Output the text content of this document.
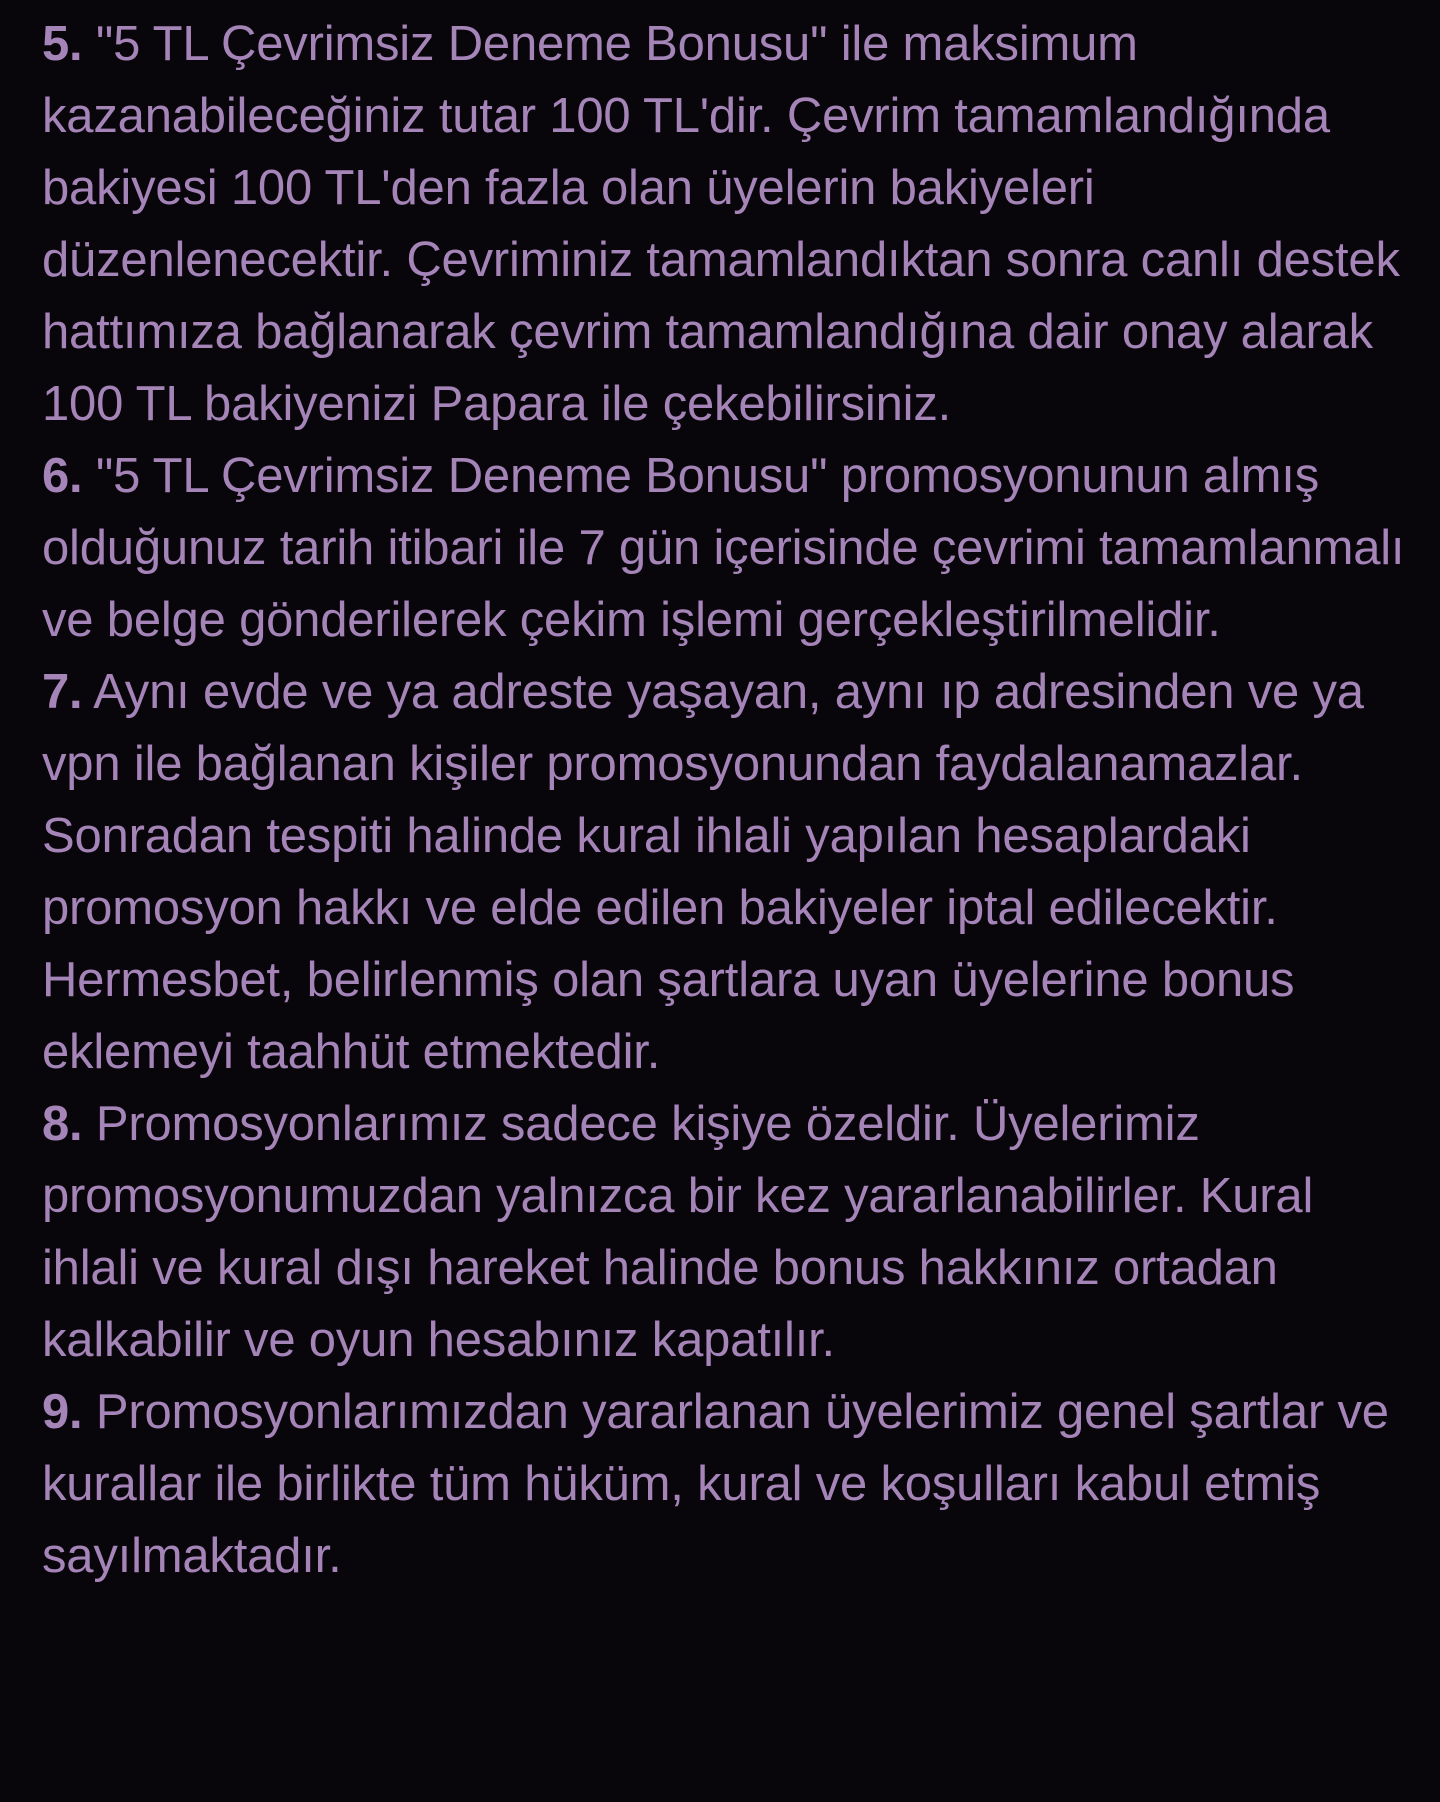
5. "5 TL Çevrimsiz Deneme Bonusu" ile maksimum kazanabileceğiniz tutar 100 TL'dir. Çevrim tamamlandığında bakiyesi 100 TL'den fazla olan üyelerin bakiyeleri düzenlenecektir. Çevriminiz tamamlandıktan sonra canlı destek hattımıza bağlanarak çevrim tamamlandığına dair onay alarak 100 TL bakiyenizi Papara ile çekebilirsiniz.
6. "5 TL Çevrimsiz Deneme Bonusu" promosyonunun almış olduğunuz tarih itibari ile 7 gün içerisinde çevrimi tamamlanmalı ve belge gönderilerek çekim işlemi gerçekleştirilmelidir.
7. Aynı evde ve ya adreste yaşayan, aynı ıp adresinden ve ya vpn ile bağlanan kişiler promosyonundan faydalanamazlar. Sonradan tespiti halinde kural ihlali yapılan hesaplardaki promosyon hakkı ve elde edilen bakiyeler iptal edilecektir. Hermesbet, belirlenmiş olan şartlara uyan üyelerine bonus eklemeyi taahhüt etmektedir.
8. Promosyonlarımız sadece kişiye özeldir. Üyelerimiz promosyonumuzdan yalnızca bir kez yararlanabilirler. Kural ihlali ve kural dışı hareket halinde bonus hakkınız ortadan kalkabilir ve oyun hesabınız kapatılır.
9. Promosyonlarımızdan yararlanan üyelerimiz genel şartlar ve kurallar ile birlikte tüm hüküm, kural ve koşulları kabul etmiş sayılmaktadır.
